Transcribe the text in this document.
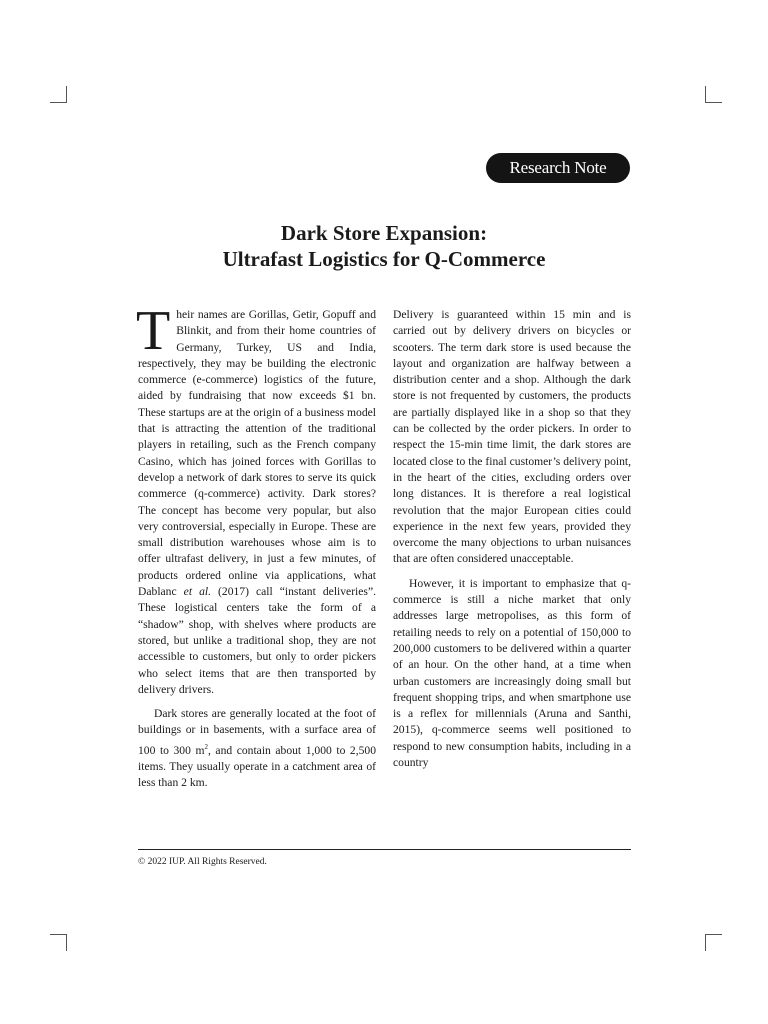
Research Note
Dark Store Expansion:
Ultrafast Logistics for Q-Commerce

Their names are Gorillas, Getir, Gopuff and Blinkit, and from their home countries of Germany, Turkey, US and India, respectively, they may be building the electronic commerce (e-commerce) logistics of the future, aided by fundraising that now exceeds $1 bn. These startups are at the origin of a business model that is attracting the attention of the traditional players in retailing, such as the French company Casino, which has joined forces with Gorillas to develop a network of dark stores to serve its quick commerce (q-commerce) activity. Dark stores? The concept has become very popular, but also very controversial, especially in Europe. These are small distribution warehouses whose aim is to offer ultrafast delivery, in just a few minutes, of products ordered online via applications, what Dablanc et al. (2017) call “instant deliveries”. These logistical centers take the form of a “shadow” shop, with shelves where products are stored, but unlike a traditional shop, they are not accessible to customers, but only to order pickers who select items that are then transported by delivery drivers.

Dark stores are generally located at the foot of buildings or in basements, with a surface area of 100 to 300 $m^2$, and contain about 1,000 to 2,500 items. They usually operate in a catchment area of less than 2 km.

Delivery is guaranteed within 15 min and is carried out by delivery drivers on bicycles or scooters. The term dark store is used because the layout and organization are halfway between a distribution center and a shop. Although the dark store is not frequented by customers, the products are partially displayed like in a shop so that they can be collected by the order pickers. In order to respect the 15-min time limit, the dark stores are located close to the final customer’s delivery point, in the heart of the cities, excluding orders over long distances. It is therefore a real logistical revolution that the major European cities could experience in the next few years, provided they overcome the many objections to urban nuisances that are often considered unacceptable.

However, it is important to emphasize that q-commerce is still a niche market that only addresses large metropolises, as this form of retailing needs to rely on a potential of 150,000 to 200,000 customers to be delivered within a quarter of an hour. On the other hand, at a time when urban customers are increasingly doing small but frequent shopping trips, and when smartphone use is a reflex for millennials (Aruna and Santhi, 2015), q-commerce seems well positioned to respond to new consumption habits, including in a country

© 2022 IUP. All Rights Reserved.
